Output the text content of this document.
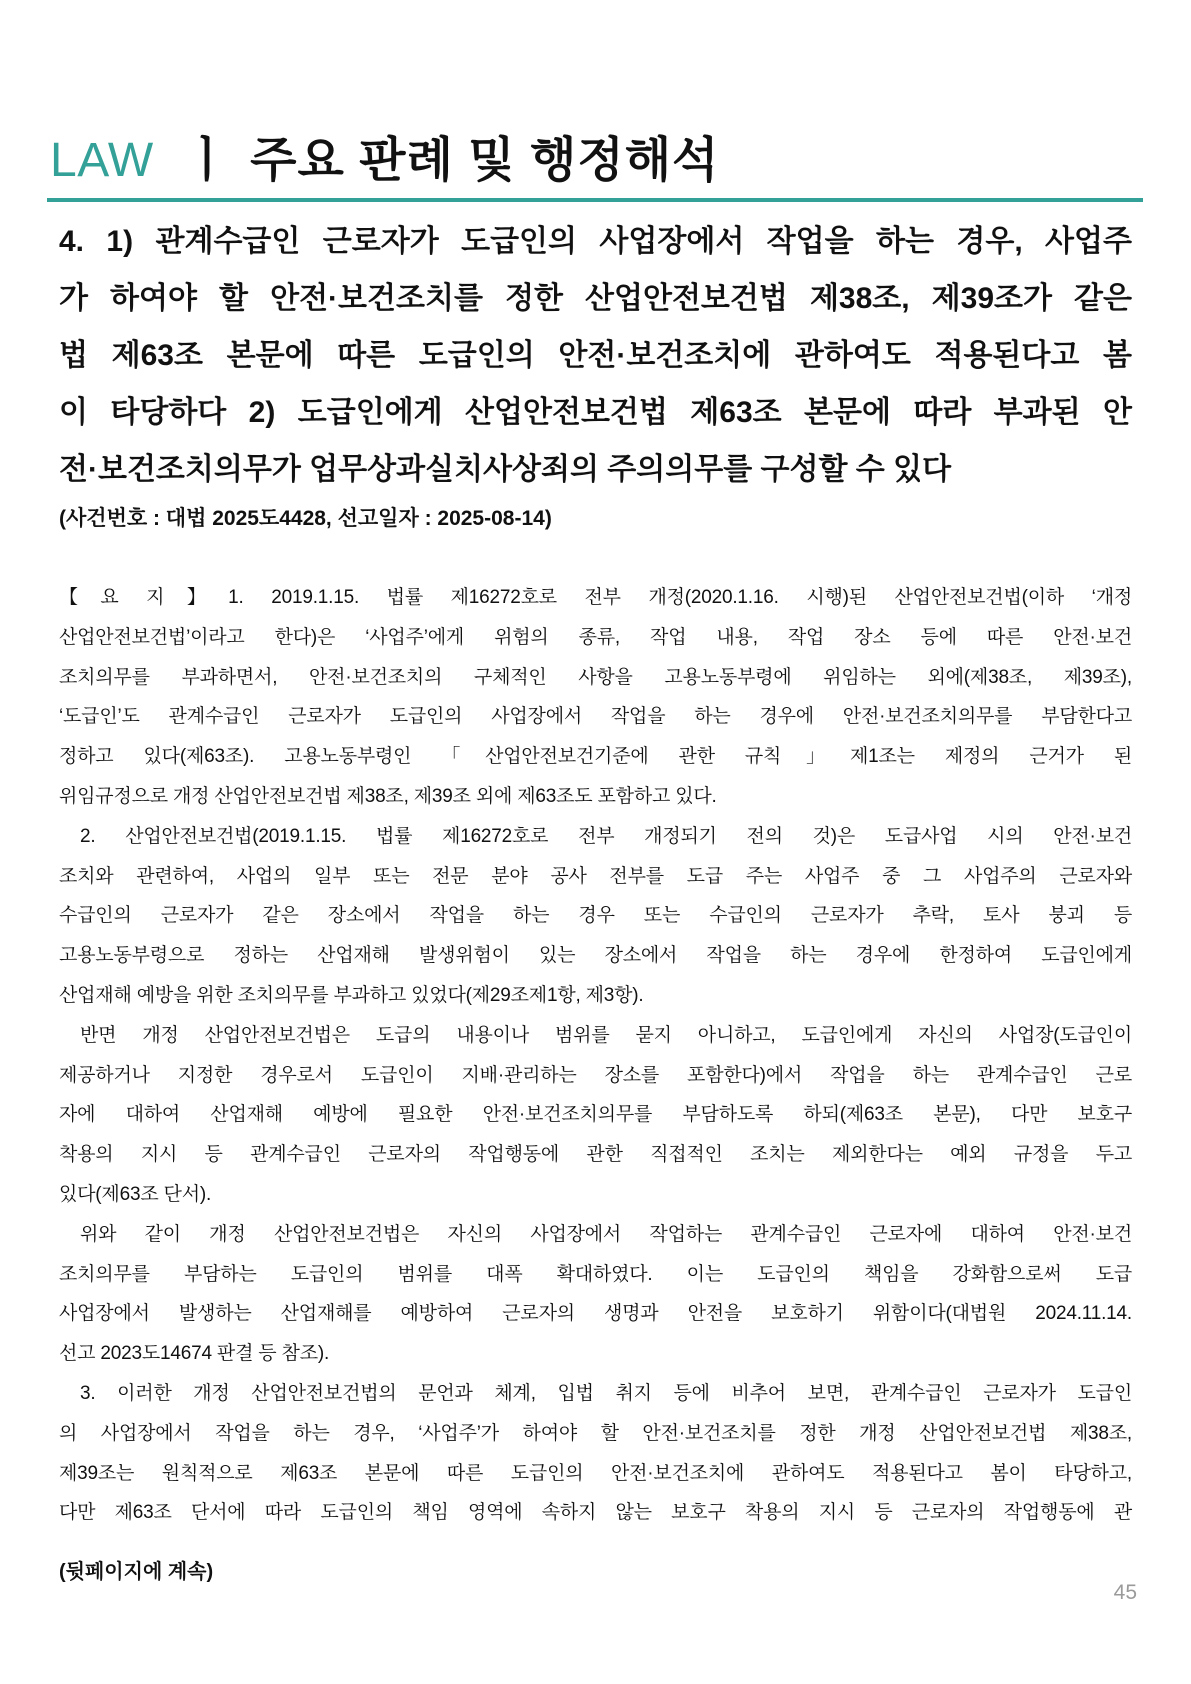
LAW ㅣ 주요 판례 및 행정해석
4. 1) 관계수급인 근로자가 도급인의 사업장에서 작업을 하는 경우, 사업주
가 하여야 할 안전·보건조치를 정한 산업안전보건법 제38조, 제39조가 같은
법 제63조 본문에 따른 도급인의 안전·보건조치에 관하여도 적용된다고 봄
이 타당하다 2) 도급인에게 산업안전보건법 제63조 본문에 따라 부과된 안
전·보건조치의무가 업무상과실치사상죄의 주의의무를 구성할 수 있다
(사건번호 : 대법 2025도4428, 선고일자 : 2025-08-14)
【요 지】1. 2019.1.15. 법률 제16272호로 전부 개정(2020.1.16. 시행)된 산업안전보건법(이하 ‘개정
산업안전보건법’이라고 한다)은 ‘사업주’에게 위험의 종류, 작업 내용, 작업 장소 등에 따른 안전·보건
조치의무를 부과하면서, 안전·보건조치의 구체적인 사항을 고용노동부령에 위임하는 외에(제38조, 제39조),
‘도급인’도 관계수급인 근로자가 도급인의 사업장에서 작업을 하는 경우에 안전·보건조치의무를 부담한다고
정하고 있다(제63조). 고용노동부령인 「산업안전보건기준에 관한 규칙」제1조는 제정의 근거가 된
위임규정으로 개정 산업안전보건법 제38조, 제39조 외에 제63조도 포함하고 있다.
2. 산업안전보건법(2019.1.15. 법률 제16272호로 전부 개정되기 전의 것)은 도급사업 시의 안전·보건
조치와 관련하여, 사업의 일부 또는 전문 분야 공사 전부를 도급 주는 사업주 중 그 사업주의 근로자와
수급인의 근로자가 같은 장소에서 작업을 하는 경우 또는 수급인의 근로자가 추락, 토사 붕괴 등
고용노동부령으로 정하는 산업재해 발생위험이 있는 장소에서 작업을 하는 경우에 한정하여 도급인에게
산업재해 예방을 위한 조치의무를 부과하고 있었다(제29조제1항, 제3항).
반면 개정 산업안전보건법은 도급의 내용이나 범위를 묻지 아니하고, 도급인에게 자신의 사업장(도급인이
제공하거나 지정한 경우로서 도급인이 지배·관리하는 장소를 포함한다)에서 작업을 하는 관계수급인 근로
자에 대하여 산업재해 예방에 필요한 안전·보건조치의무를 부담하도록 하되(제63조 본문), 다만 보호구
착용의 지시 등 관계수급인 근로자의 작업행동에 관한 직접적인 조치는 제외한다는 예외 규정을 두고
있다(제63조 단서).
위와 같이 개정 산업안전보건법은 자신의 사업장에서 작업하는 관계수급인 근로자에 대하여 안전·보건
조치의무를 부담하는 도급인의 범위를 대폭 확대하였다. 이는 도급인의 책임을 강화함으로써 도급
사업장에서 발생하는 산업재해를 예방하여 근로자의 생명과 안전을 보호하기 위함이다(대법원 2024.11.14.
선고 2023도14674 판결 등 참조).
3. 이러한 개정 산업안전보건법의 문언과 체계, 입법 취지 등에 비추어 보면, 관계수급인 근로자가 도급인
의 사업장에서 작업을 하는 경우, ‘사업주’가 하여야 할 안전·보건조치를 정한 개정 산업안전보건법 제38조,
제39조는 원칙적으로 제63조 본문에 따른 도급인의 안전·보건조치에 관하여도 적용된다고 봄이 타당하고,
다만 제63조 단서에 따라 도급인의 책임 영역에 속하지 않는 보호구 착용의 지시 등 근로자의 작업행동에 관
(뒷페이지에 계속)
45
